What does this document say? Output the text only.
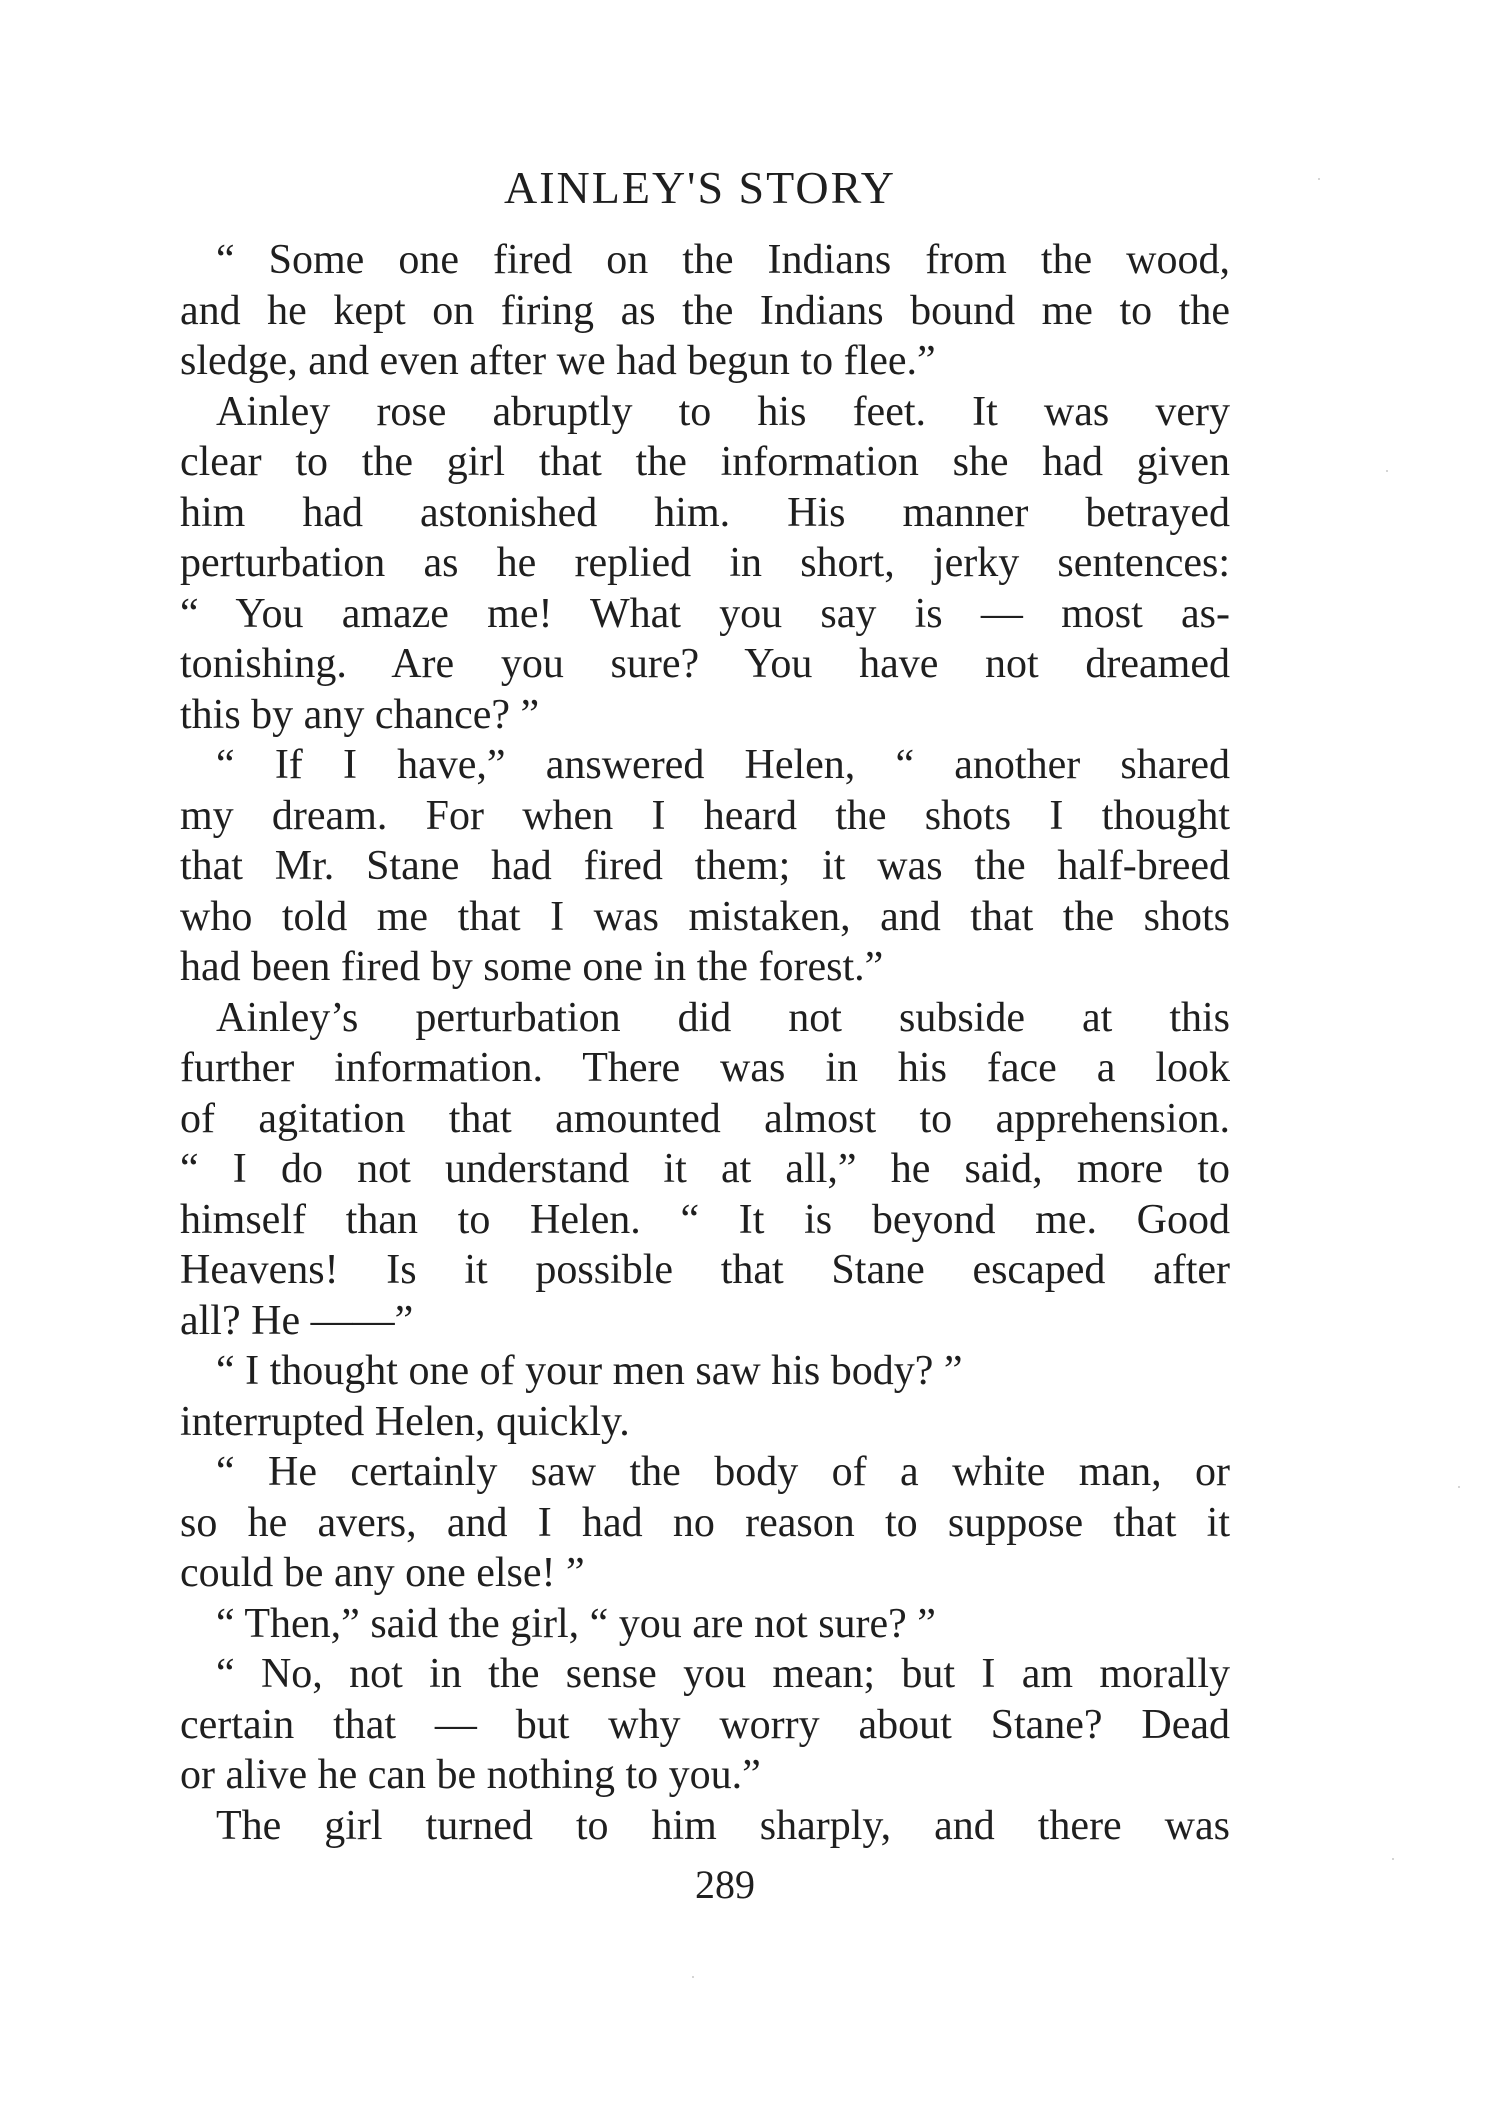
AINLEY'S STORY
“ Some one fired on the Indians from the wood,
and he kept on firing as the Indians bound me to the
sledge, and even after we had begun to flee.”
Ainley rose abruptly to his feet. It was very
clear to the girl that the information she had given
him had astonished him. His manner betrayed
perturbation as he replied in short, jerky sentences:
“ You amaze me! What you say is — most as-
tonishing. Are you sure? You have not dreamed
this by any chance? ”
“ If I have,” answered Helen, “ another shared
my dream. For when I heard the shots I thought
that Mr. Stane had fired them; it was the half-breed
who told me that I was mistaken, and that the shots
had been fired by some one in the forest.”
Ainley’s perturbation did not subside at this
further information. There was in his face a look
of agitation that amounted almost to apprehension.
“ I do not understand it at all,” he said, more to
himself than to Helen. “ It is beyond me. Good
Heavens! Is it possible that Stane escaped after
all? He ——”
“ I thought one of your men saw his body? ”
interrupted Helen, quickly.
“ He certainly saw the body of a white man, or
so he avers, and I had no reason to suppose that it
could be any one else! ”
“ Then,” said the girl, “ you are not sure? ”
“ No, not in the sense you mean; but I am morally
certain that — but why worry about Stane? Dead
or alive he can be nothing to you.”
The girl turned to him sharply, and there was
289
